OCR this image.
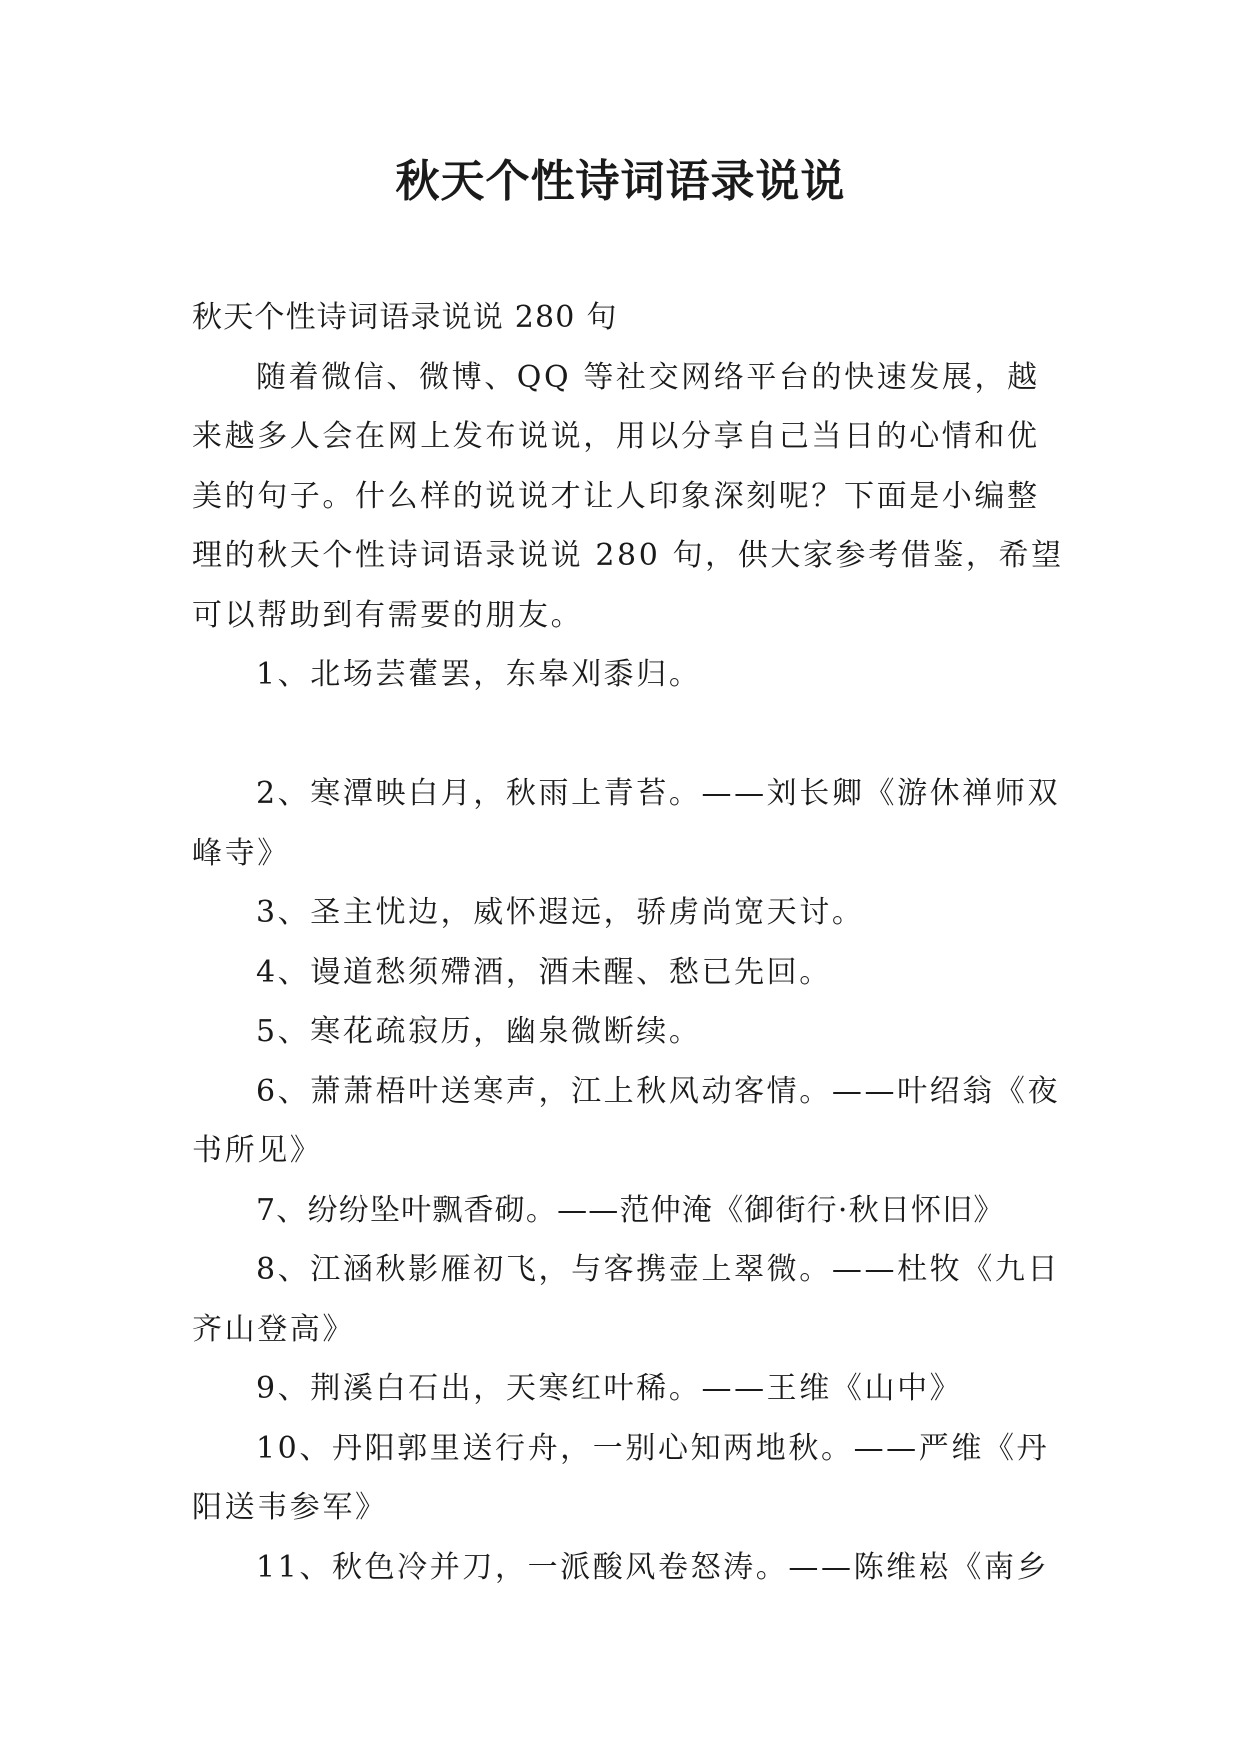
秋天个性诗词语录说说

秋天个性诗词语录说说 280 句

随着微信、微博、QQ 等社交网络平台的快速发展，越来越多人会在网上发布说说，用以分享自己当日的心情和优美的句子。什么样的说说才让人印象深刻呢？下面是小编整理的秋天个性诗词语录说说 280 句，供大家参考借鉴，希望可以帮助到有需要的朋友。

1、北场芸藿罢，东皋刈黍归。

2、寒潭映白月，秋雨上青苔。——刘长卿《游休禅师双峰寺》

3、圣主忧边，威怀遐远，骄虏尚宽天讨。

4、谩道愁须殢酒，酒未醒、愁已先回。

5、寒花疏寂历，幽泉微断续。

6、萧萧梧叶送寒声，江上秋风动客情。——叶绍翁《夜书所见》

7、纷纷坠叶飘香砌。——范仲淹《御街行·秋日怀旧》

8、江涵秋影雁初飞，与客携壶上翠微。——杜牧《九日齐山登高》

9、荆溪白石出，天寒红叶稀。——王维《山中》

10、丹阳郭里送行舟，一别心知两地秋。——严维《丹阳送韦参军》

11、秋色冷并刀，一派酸风卷怒涛。——陈维崧《南乡
